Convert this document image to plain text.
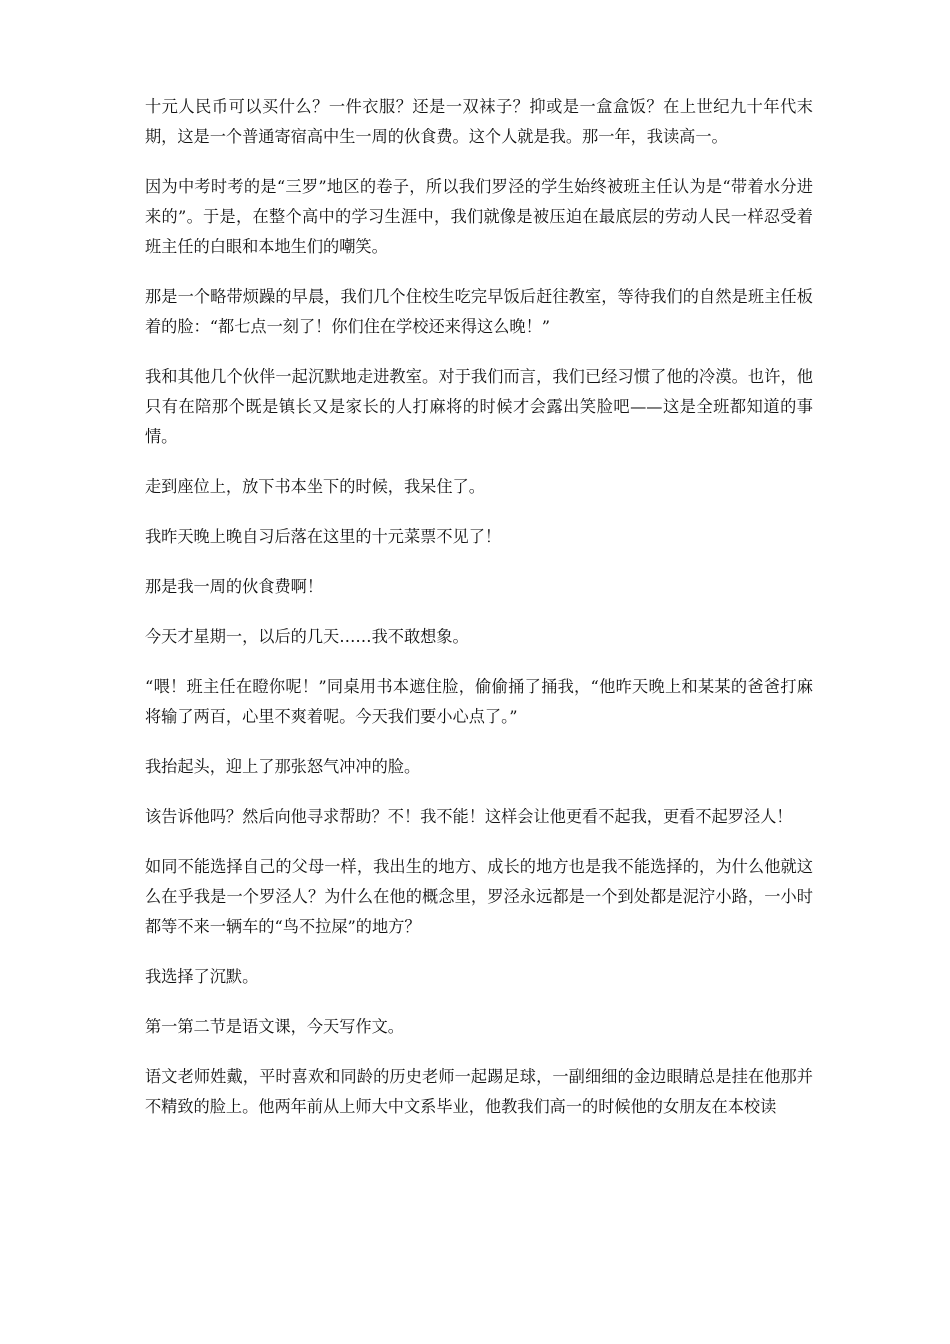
十元人民币可以买什么？一件衣服？还是一双袜子？抑或是一盒盒饭？在上世纪九十年代末期，这是一个普通寄宿高中生一周的伙食费。这个人就是我。那一年，我读高一。

因为中考时考的是“三罗”地区的卷子，所以我们罗泾的学生始终被班主任认为是“带着水分进来的”。于是，在整个高中的学习生涯中，我们就像是被压迫在最底层的劳动人民一样忍受着班主任的白眼和本地生们的嘲笑。

那是一个略带烦躁的早晨，我们几个住校生吃完早饭后赶往教室，等待我们的自然是班主任板着的脸：“都七点一刻了！你们住在学校还来得这么晚！”

我和其他几个伙伴一起沉默地走进教室。对于我们而言，我们已经习惯了他的冷漠。也许，他只有在陪那个既是镇长又是家长的人打麻将的时候才会露出笑脸吧——这是全班都知道的事情。

走到座位上，放下书本坐下的时候，我呆住了。

我昨天晚上晚自习后落在这里的十元菜票不见了！

那是我一周的伙食费啊！

今天才星期一，以后的几天……我不敢想象。

“喂！班主任在瞪你呢！”同桌用书本遮住脸，偷偷捅了捅我，“他昨天晚上和某某的爸爸打麻将输了两百，心里不爽着呢。今天我们要小心点了。”

我抬起头，迎上了那张怒气冲冲的脸。

该告诉他吗？然后向他寻求帮助？不！我不能！这样会让他更看不起我，更看不起罗泾人！

如同不能选择自己的父母一样，我出生的地方、成长的地方也是我不能选择的，为什么他就这么在乎我是一个罗泾人？为什么在他的概念里，罗泾永远都是一个到处都是泥泞小路，一小时都等不来一辆车的“鸟不拉屎”的地方？

我选择了沉默。

第一第二节是语文课，今天写作文。

语文老师姓戴，平时喜欢和同龄的历史老师一起踢足球，一副细细的金边眼睛总是挂在他那并不精致的脸上。他两年前从上师大中文系毕业，他教我们高一的时候他的女朋友在本校读
